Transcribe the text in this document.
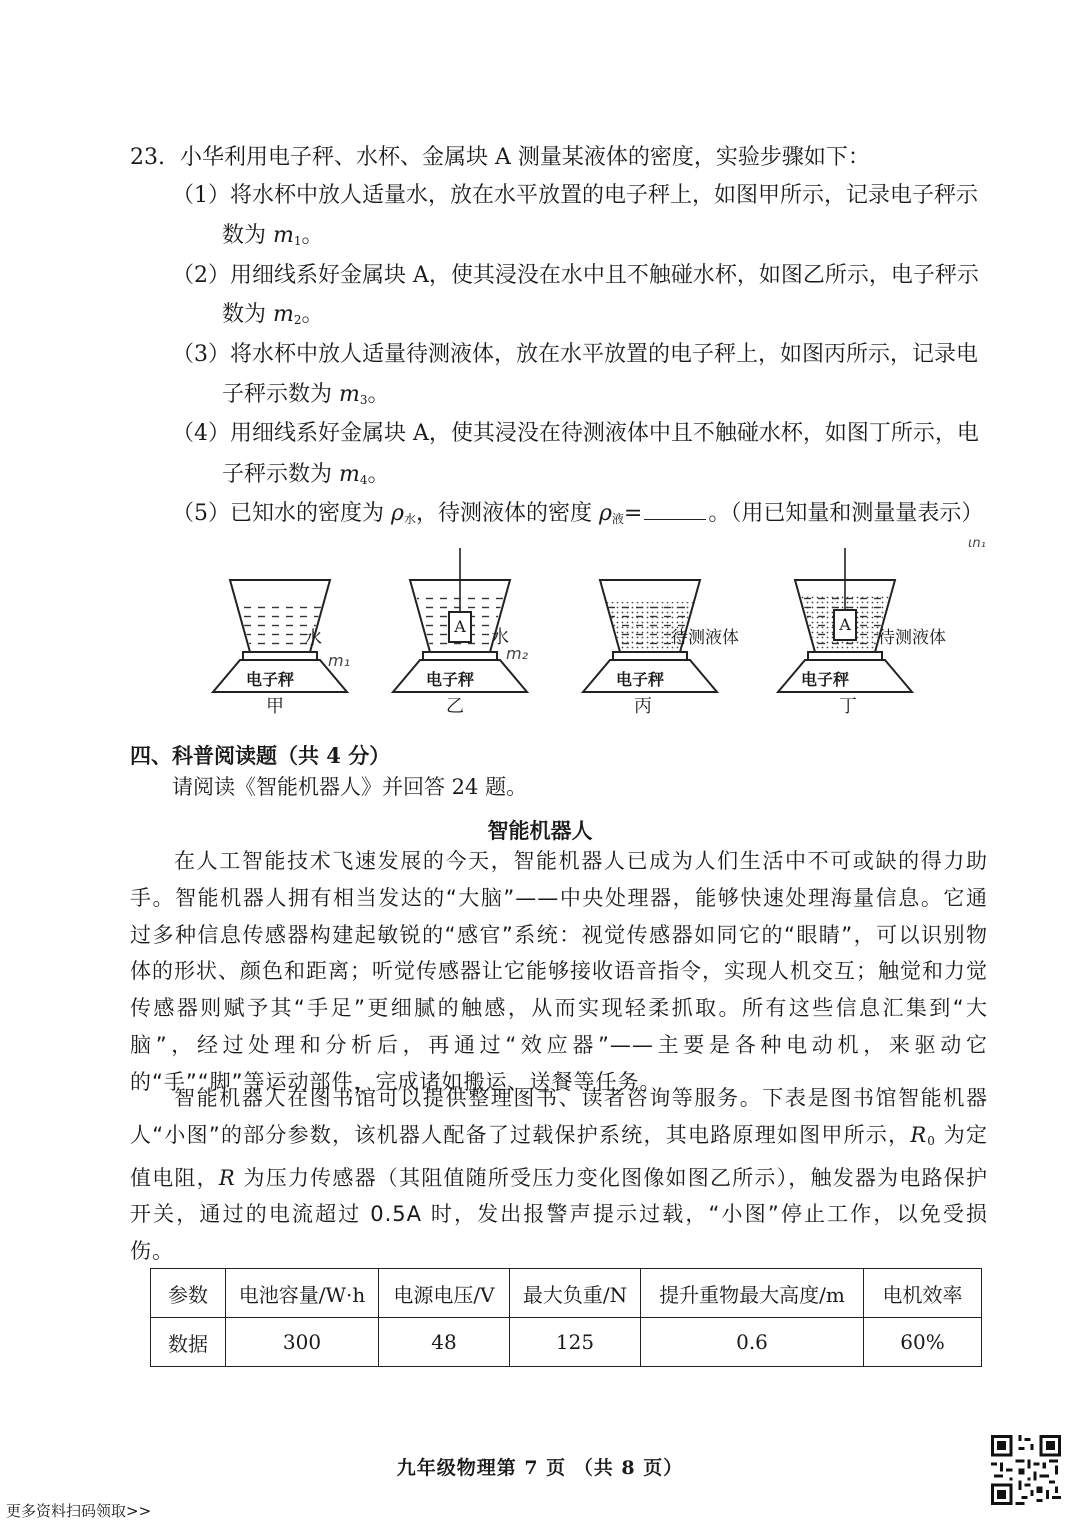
23. 小华利用电子秤、水杯、金属块 A 测量某液体的密度，实验步骤如下：
（1）将水杯中放人适量水，放在水平放置的电子秤上，如图甲所示，记录电子秤示
数为 $m_1$。
（2）用细线系好金属块 A，使其浸没在水中且不触碰水杯，如图乙所示，电子秤示
数为 $m_2$。
（3）将水杯中放人适量待测液体，放在水平放置的电子秤上，如图丙所示，记录电
子秤示数为 $m_3$。
（4）用细线系好金属块 A，使其浸没在待测液体中且不触碰水杯，如图丁所示，电
子秤示数为 $m_4$。
（5）已知水的密度为 $\rho_水$，待测液体的密度 $\rho_液=$	。（用已知量和测量量表示）
电子秤	电子秤	电子秤	电子秤
A	A
水	水	待测液体	待测液体
m₁	m₂
ιn₁
甲	乙	丙	丁
四、科普阅读题（共 4 分）
请阅读《智能机器人》并回答 24 题。
智能机器人
在人工智能技术飞速发展的今天，智能机器人已成为人们生活中不可或缺的得力助手。智能机器人拥有相当发达的“大脑”——中央处理器，能够快速处理海量信息。它通过多种信息传感器构建起敏锐的“感官”系统：视觉传感器如同它的“眼睛”，可以识别物体的形状、颜色和距离；听觉传感器让它能够接收语音指令，实现人机交互；触觉和力觉传感器则赋予其“手足”更细腻的触感，从而实现轻柔抓取。所有这些信息汇集到“大脑”，经过处理和分析后，再通过“效应器”——主要是各种电动机，来驱动它的“手”“脚”等运动部件，完成诸如搬运、送餐等任务。
智能机器人在图书馆可以提供整理图书、读者咨询等服务。下表是图书馆智能机器人“小图”的部分参数，该机器人配备了过载保护系统，其电路原理如图甲所示，$R_0$ 为定值电阻，R 为压力传感器（其阻值随所受压力变化图像如图乙所示），触发器为电路保护开关，通过的电流超过 0.5A 时，发出报警声提示过载，“小图”停止工作，以免受损伤。
参数	电池容量/W·h	电源电压/V	最大负重/N	提升重物最大高度/m	电机效率
数据	300	48	125	0.6	60%
九年级物理第 7 页 （共 8 页）
更多资料扫码领取>>
